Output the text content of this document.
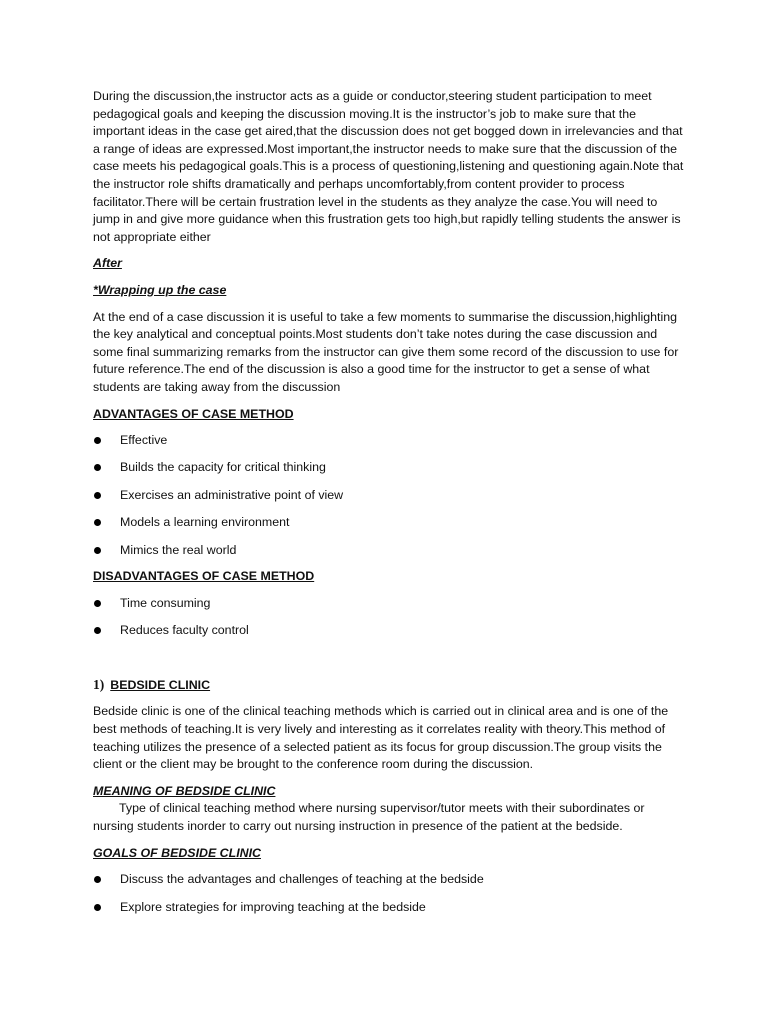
During the discussion,the instructor acts as a guide or conductor,steering student participation to meet pedagogical goals and keeping the discussion moving.It is the instructor’s job to make sure that the important ideas in the case get aired,that the discussion does not get bogged down in irrelevancies and that a range of ideas are expressed.Most important,the instructor needs to make sure that the discussion of the case meets his pedagogical goals.This is a process of questioning,listening and questioning again.Note that the instructor role shifts dramatically and perhaps uncomfortably,from content provider to process facilitator.There will be certain frustration level in the students as they analyze the case.You will need to jump in and give more guidance when this frustration gets too high,but rapidly telling students the answer is not appropriate either

After

*Wrapping up the case

At the end of a case discussion it is useful to take a few moments to summarise the discussion,highlighting the key analytical and conceptual points.Most students don’t take notes during the case discussion and some final summarizing remarks from the instructor can give them some record of the discussion to use for future reference.The end of the discussion is also a good time for the instructor to get a sense of what students are taking away from the discussion

ADVANTAGES OF CASE METHOD

Effective
Builds the capacity for critical thinking
Exercises an administrative point of view
Models a learning environment
Mimics the real world

DISADVANTAGES OF CASE METHOD

Time consuming
Reduces faculty control

1) BEDSIDE CLINIC

Bedside clinic is one of the clinical teaching methods which is carried out in clinical area and is one of the best methods of teaching.It is very lively and interesting as it correlates reality with theory.This method of teaching utilizes the presence of a selected patient as its focus for group discussion.The group visits the client or the client may be brought to the conference room during the discussion.

MEANING OF BEDSIDE CLINIC

Type of clinical teaching method where nursing supervisor/tutor meets with their subordinates or nursing students inorder to carry out nursing instruction in presence of the patient at the bedside.

GOALS OF BEDSIDE CLINIC

Discuss the advantages and challenges of teaching at the bedside
Explore strategies for improving teaching at the bedside
